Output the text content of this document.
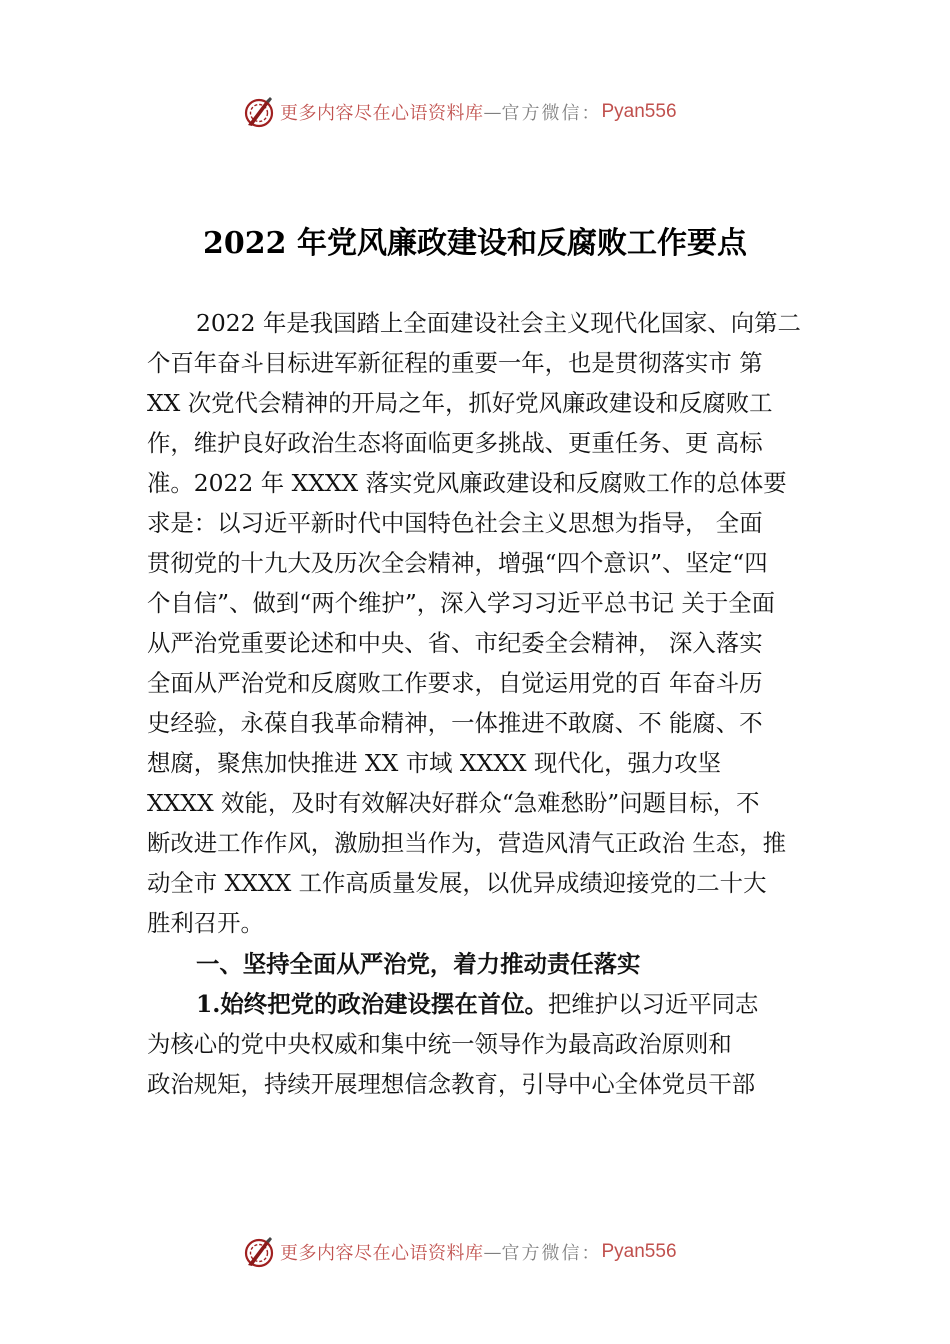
更多内容尽在心语资料库 — 官方微信： Pyan556
2022 年党风廉政建设和反腐败工作要点
2022 年是我国踏上全面建设社会主义现代化国家、向第二
个百年奋斗目标进军新征程的重要一年，也是贯彻落实市 第
XX 次党代会精神的开局之年，抓好党风廉政建设和反腐败工
作，维护良好政治生态将面临更多挑战、更重任务、更 高标
准。2022 年 XXXX 落实党风廉政建设和反腐败工作的总体要
求是：以习近平新时代中国特色社会主义思想为指导， 全面
贯彻党的十九大及历次全会精神，增强“四个意识”、坚定“四
个自信”、做到“两个维护”，深入学习习近平总书记 关于全面
从严治党重要论述和中央、省、市纪委全会精神， 深入落实
全面从严治党和反腐败工作要求，自觉运用党的百 年奋斗历
史经验，永葆自我革命精神，一体推进不敢腐、不 能腐、不
想腐，聚焦加快推进 XX 市域 XXXX 现代化，强力攻坚
XXXX 效能，及时有效解决好群众“急难愁盼”问题目标，不
断改进工作作风，激励担当作为，营造风清气正政治 生态，推
动全市 XXXX 工作高质量发展，以优异成绩迎接党的二十大
胜利召开。
一、坚持全面从严治党，着力推动责任落实
1.始终把党的政治建设摆在首位。把维护以习近平同志
为核心的党中央权威和集中统一领导作为最高政治原则和
政治规矩，持续开展理想信念教育，引导中心全体党员干部
更多内容尽在心语资料库 — 官方微信： Pyan556
